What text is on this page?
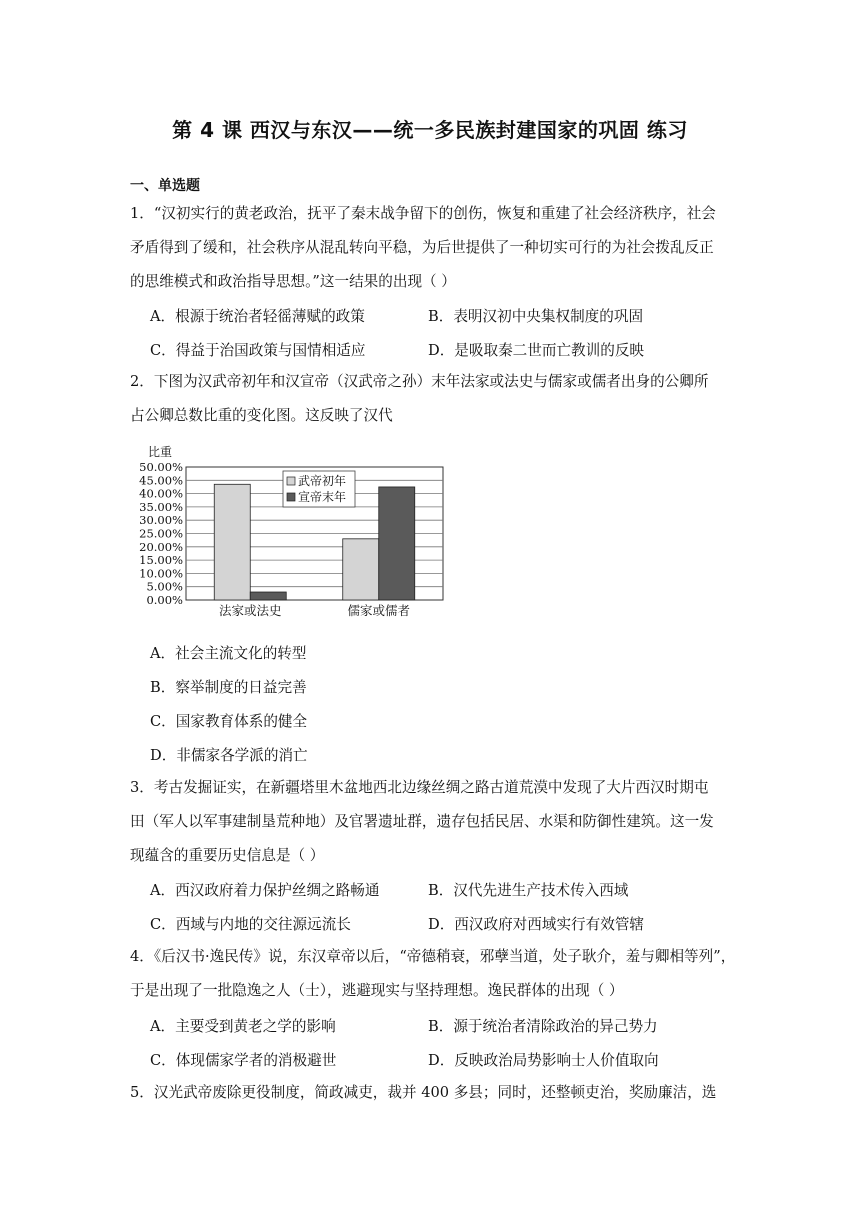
第 4 课 西汉与东汉——统一多民族封建国家的巩固 练习
一、单选题
1．“汉初实行的黄老政治，抚平了秦末战争留下的创伤，恢复和重建了社会经济秩序，社会
矛盾得到了缓和，社会秩序从混乱转向平稳，为后世提供了一种切实可行的为社会拨乱反正
的思维模式和政治指导思想。”这一结果的出现（ ）
A．根源于统治者轻徭薄赋的政策	B．表明汉初中央集权制度的巩固
C．得益于治国政策与国情相适应	D．是吸取秦二世而亡教训的反映
2．下图为汉武帝初年和汉宣帝（汉武帝之孙）末年法家或法史与儒家或儒者出身的公卿所
占公卿总数比重的变化图。这反映了汉代
比重
0.00%
5.00%
10.00%
15.00%
20.00%
25.00%
30.00%
35.00%
40.00%
45.00%
50.00%
法家或法史	儒家或儒者
武帝初年
宣帝末年
A．社会主流文化的转型
B．察举制度的日益完善
C．国家教育体系的健全
D．非儒家各学派的消亡
3．考古发掘证实，在新疆塔里木盆地西北边缘丝绸之路古道荒漠中发现了大片西汉时期屯
田（军人以军事建制垦荒种地）及官署遗址群，遗存包括民居、水渠和防御性建筑。这一发
现蕴含的重要历史信息是（ ）
A．西汉政府着力保护丝绸之路畅通	B．汉代先进生产技术传入西域
C．西域与内地的交往源远流长	D．西汉政府对西域实行有效管辖
4．《后汉书·逸民传》说，东汉章帝以后，“帝德稍衰，邪孽当道，处子耿介，羞与卿相等列”，
于是出现了一批隐逸之人（士），逃避现实与坚持理想。逸民群体的出现（ ）
A．主要受到黄老之学的影响	B．源于统治者清除政治的异己势力
C．体现儒家学者的消极避世	D．反映政治局势影响士人价值取向
5．汉光武帝废除更役制度，简政减吏，裁并 400 多县；同时，还整顿吏治，奖励廉洁，选
